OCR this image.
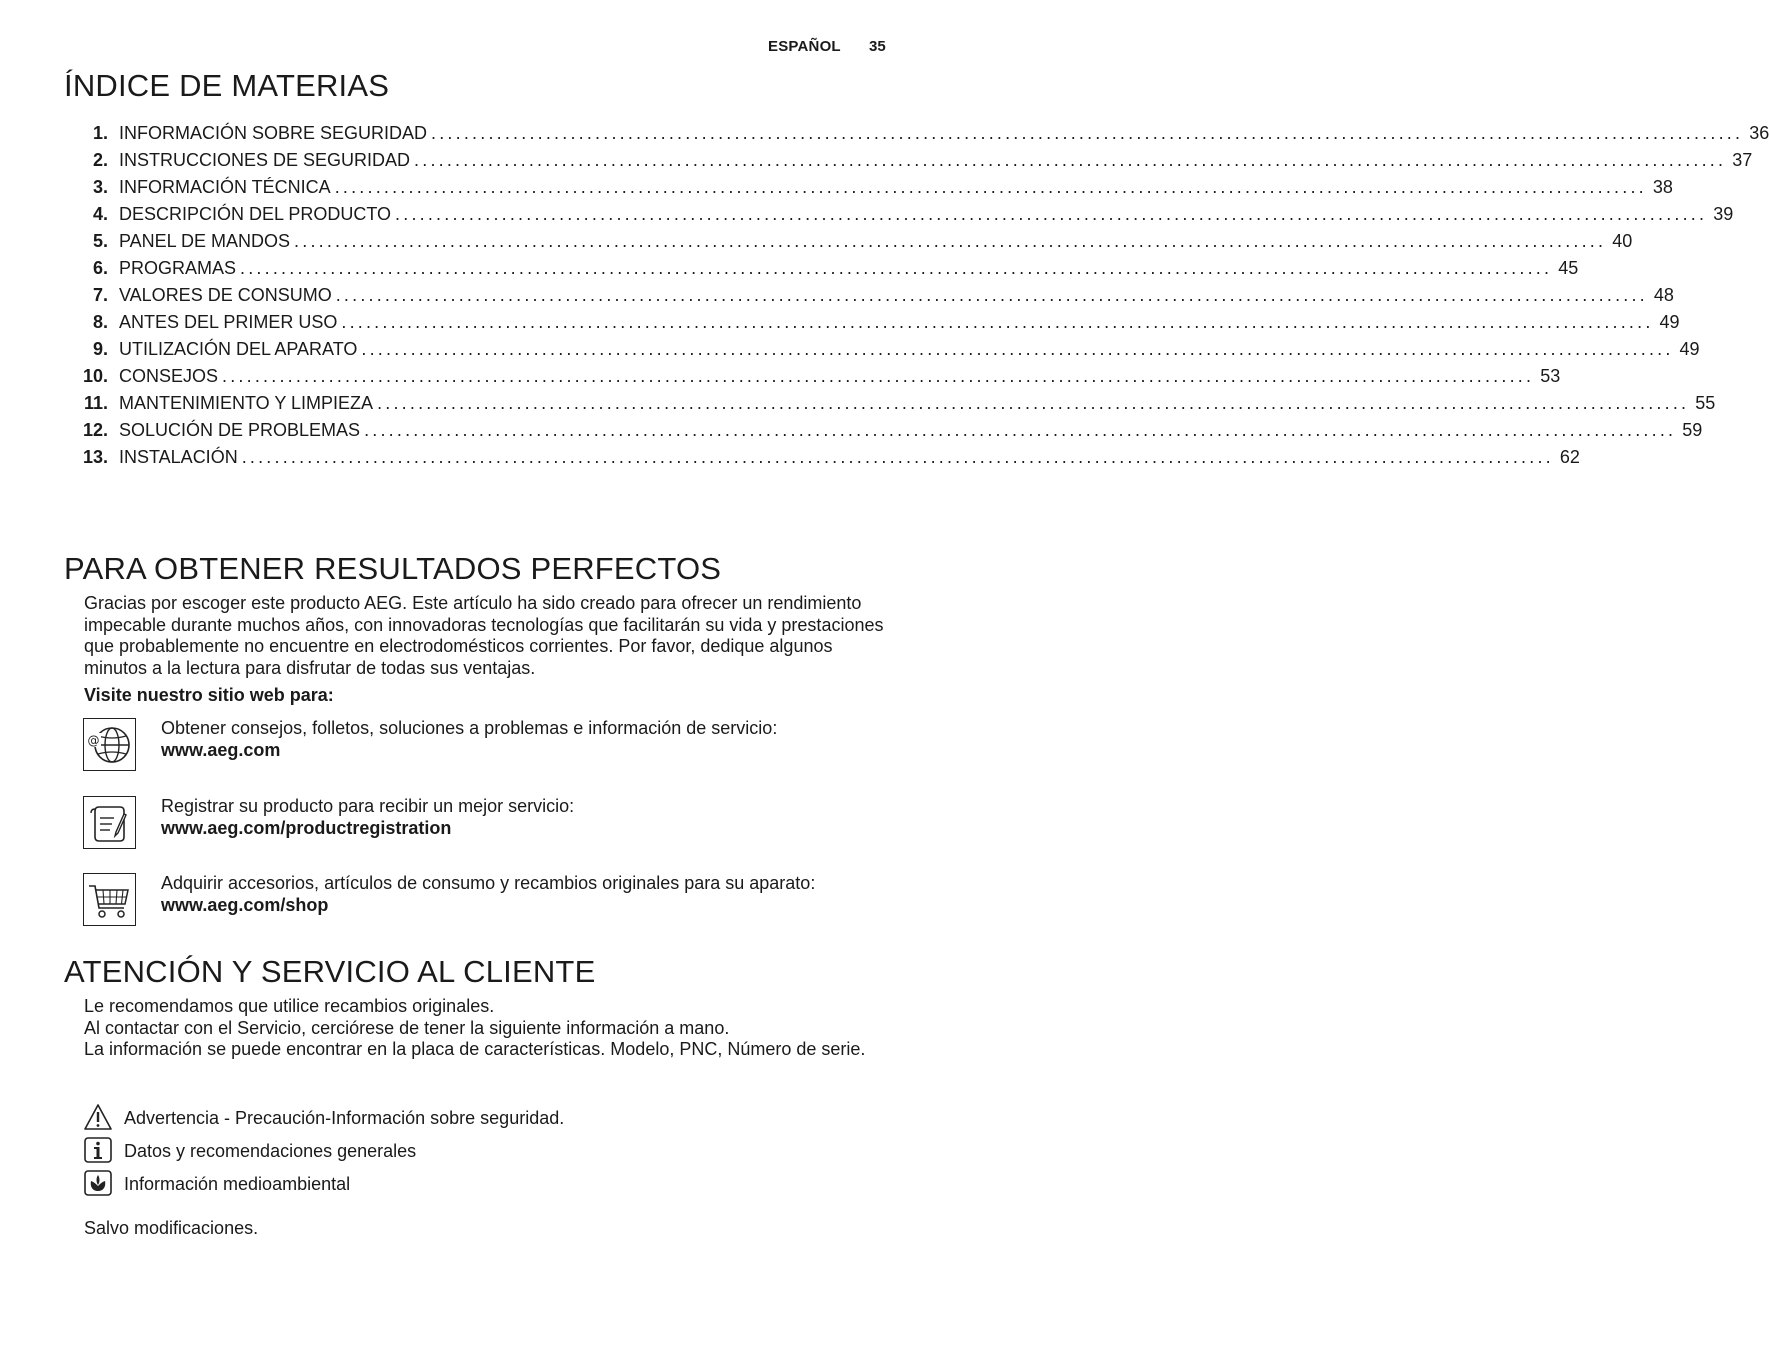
ESPAÑOL 35
ÍNDICE DE MATERIAS
1. INFORMACIÓN SOBRE SEGURIDAD ................................................................................................................................................................ 36
2. INSTRUCCIONES DE SEGURIDAD ................................................................................................................................................................ 37
3. INFORMACIÓN TÉCNICA ................................................................................................................................................................ 38
4. DESCRIPCIÓN DEL PRODUCTO ................................................................................................................................................................ 39
5. PANEL DE MANDOS ................................................................................................................................................................ 40
6. PROGRAMAS ................................................................................................................................................................ 45
7. VALORES DE CONSUMO ................................................................................................................................................................ 48
8. ANTES DEL PRIMER USO ................................................................................................................................................................ 49
9. UTILIZACIÓN DEL APARATO ................................................................................................................................................................ 49
10. CONSEJOS ................................................................................................................................................................ 53
11. MANTENIMIENTO Y LIMPIEZA ................................................................................................................................................................ 55
12. SOLUCIÓN DE PROBLEMAS ................................................................................................................................................................ 59
13. INSTALACIÓN ................................................................................................................................................................ 62
PARA OBTENER RESULTADOS PERFECTOS
Gracias por escoger este producto AEG. Este artículo ha sido creado para ofrecer un rendimiento impecable durante muchos años, con innovadoras tecnologías que facilitarán su vida y prestaciones que probablemente no encuentre en electrodomésticos corrientes. Por favor, dedique algunos minutos a la lectura para disfrutar de todas sus ventajas.
Visite nuestro sitio web para:
@
Obtener consejos, folletos, soluciones a problemas e información de servicio:
www.aeg.com
Registrar su producto para recibir un mejor servicio:
www.aeg.com/productregistration
Adquirir accesorios, artículos de consumo y recambios originales para su aparato:
www.aeg.com/shop
ATENCIÓN Y SERVICIO AL CLIENTE
Le recomendamos que utilice recambios originales.
Al contactar con el Servicio, cerciórese de tener la siguiente información a mano.
La información se puede encontrar en la placa de características. Modelo, PNC, Número de serie.
Advertencia - Precaución-Información sobre seguridad.
Datos y recomendaciones generales
Información medioambiental
Salvo modificaciones.
